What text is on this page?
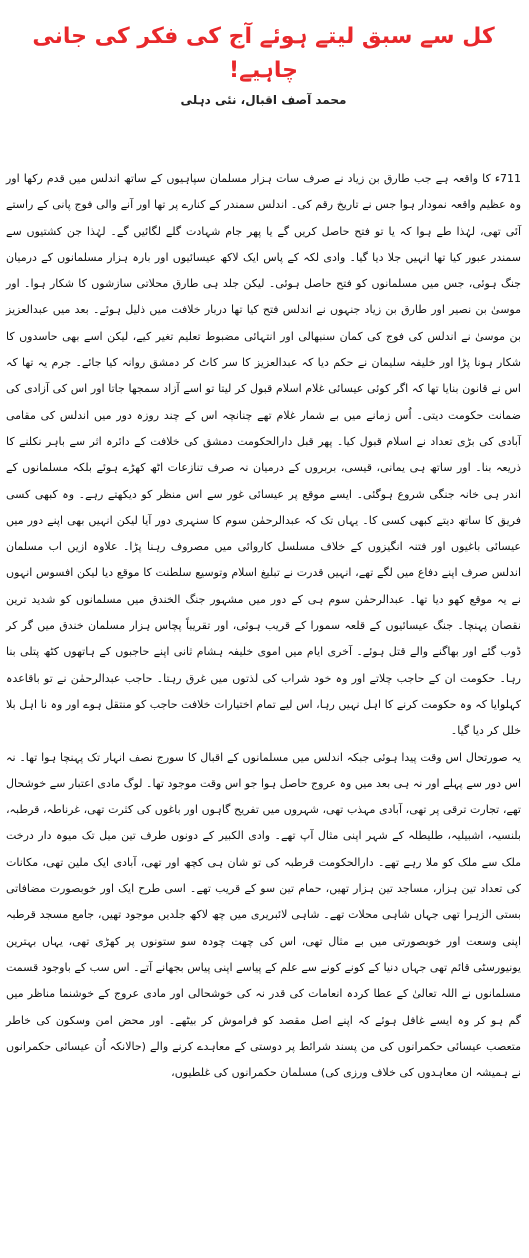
کل سے سبق لیتے ہوئے آج کی فکر کی جانی چاہیے!
محمد آصف اقبال، نئی دہلی

711ء کا واقعہ ہے جب طارق بن زیاد نے صرف سات ہزار مسلمان سپاہیوں کے ساتھ اندلس میں قدم رکھا اور وہ عظیم واقعہ نمودار ہوا جس نے تاریخ رقم کی۔ اندلس سمندر کے کنارے پر تھا اور آنے والی فوج پانی کے راستے آئی تھی، لہٰذا طے ہوا کہ یا تو فتح حاصل کریں گے یا پھر جام شہادت گلے لگائیں گے۔ لہٰذا جن کشتیوں سے سمندر عبور کیا تھا انہیں جلا دیا گیا۔ وادی لکہ کے پاس ایک لاکھ عیسائیوں اور بارہ ہزار مسلمانوں کے درمیان جنگ ہوئی، جس میں مسلمانوں کو فتح حاصل ہوئی۔ لیکن جلد ہی طارق محلاتی سازشوں کا شکار ہوا۔ اور موسیٰ بن نصیر اور طارق بن زیاد جنہوں نے اندلس فتح کیا تھا دربار خلافت میں ذلیل ہوئے۔ بعد میں عبدالعزیز بن موسیٰ نے اندلس کی فوج کی کمان سنبھالی اور انتہائی مضبوط تعلیم تغیر کیے، لیکن اسے بھی حاسدوں کا شکار ہونا پڑا اور خلیفہ سلیمان نے حکم دیا کہ عبدالعزیز کا سر کاٹ کر دمشق روانہ کیا جائے۔ جرم یہ تھا کہ اس نے قانون بنایا تھا کہ اگر کوئی عیسائی غلام اسلام قبول کر لیتا تو اسے آزاد سمجھا جاتا اور اس کی آزادی کی ضمانت حکومت دیتی۔ اُس زمانے میں بے شمار غلام تھے چنانچہ اس کے چند روزہ دور میں اندلس کی مقامی آبادی کی بڑی تعداد نے اسلام قبول کیا۔ پھر قبل دارالحکومت دمشق کی خلافت کے دائرہ اثر سے باہر نکلنے کا ذریعہ بنا۔ اور ساتھ ہی یمانی، قیسی، بربروں کے درمیان نہ صرف تنازعات اٹھ کھڑے ہوئے بلکہ مسلمانوں کے اندر ہی خانہ جنگی شروع ہوگئی۔ ایسے موقع پر عیسائی غور سے اس منظر کو دیکھتے رہے۔ وہ کبھی کسی فریق کا ساتھ دیتے کبھی کسی کا۔ یہاں تک کہ عبدالرحمٰن سوم کا سنہری دور آیا لیکن انہیں بھی اپنے دور میں عیسائی باغیوں اور فتنہ انگیزوں کے خلاف مسلسل کاروائی میں مصروف رہنا پڑا۔ علاوہ ازیں اب مسلمان اندلس صرف اپنے دفاع میں لگے تھے، انہیں قدرت نے تبلیغ اسلام وتوسیع سلطنت کا موقع دیا لیکن افسوس انہوں نے یہ موقع کھو دیا تھا۔ عبدالرحمٰن سوم ہی کے دور میں مشہور جنگ الخندق میں مسلمانوں کو شدید ترین نقصان پہنچا۔ جنگ عیسائیوں کے قلعہ سمورا کے قریب ہوئی، اور تقریباً پچاس ہزار مسلمان خندق میں گر کر ڈوب گئے اور بھاگنے والے قتل ہوئے۔ آخری ایام میں اموی خلیفہ ہشام ثانی اپنے حاجبوں کے ہاتھوں کٹھ پتلی بنا رہا۔ حکومت ان کے حاجب چلاتے اور وہ خود شراب کی لذتوں میں غرق رہتا۔ حاجب عبدالرحمٰن نے تو باقاعدہ کہلوایا کہ وہ حکومت کرنے کا اہل نہیں رہا، اس لیے تمام اختیارات خلافت حاجب کو منتقل ہوے اور وہ نا اہل بلا خلل کر دیا گیا۔

یہ صورتحال اس وقت پیدا ہوئی جبکہ اندلس میں مسلمانوں کے اقبال کا سورج نصف انہار تک پہنچا ہوا تھا۔ نہ اس دور سے پہلے اور نہ ہی بعد میں وہ عروج حاصل ہوا جو اس وقت موجود تھا۔ لوگ مادی اعتبار سے خوشحال تھے، تجارت ترقی پر تھی، آبادی مہذب تھی، شہروں میں تفریح گاہوں اور باغوں کی کثرت تھی، غرناطہ، قرطبہ، بلنسیہ، اشبیلیہ، طلیطلہ کے شہر اپنی مثال آپ تھے۔ وادی الکبیر کے دونوں طرف تین میل تک میوہ دار درخت ملک سے ملک کو ملا رہے تھے۔ دارالحکومت قرطبہ کی تو شان ہی کچھ اور تھی، آبادی ایک ملین تھی، مکانات کی تعداد تین ہزار، مساجد تین ہزار تھیں، حمام تین سو کے قریب تھے۔ اسی طرح ایک اور خوبصورت مضافاتی بستی الزہرا تھی جہاں شاہی محلات تھے۔ شاہی لائبریری میں چھ لاکھ جلدیں موجود تھیں، جامع مسجد قرطبہ اپنی وسعت اور خوبصورتی میں بے مثال تھی، اس کی چھت چودہ سو ستونوں پر کھڑی تھی، یہاں بہترین یونیورسٹی قائم تھی جہاں دنیا کے کونے کونے سے علم کے پیاسے اپنی پیاس بجھانے آتے۔ اس سب کے باوجود قسمت مسلمانوں نے اللہ تعالیٰ کے عطا کردہ انعامات کی قدر نہ کی خوشحالی اور مادی عروج کے خوشنما مناظر میں گم ہو کر وہ ایسے غافل ہوئے کہ اپنے اصل مقصد کو فراموش کر بیٹھے۔ اور محض امن وسکون کی خاطر متعصب عیسائی حکمرانوں کی من پسند شرائط پر دوستی کے معاہدے کرنے والے (حالانکہ اُن عیسائی حکمرانوں نے ہمیشہ ان معاہدوں کی خلاف ورزی کی) مسلمان حکمرانوں کی غلطیوں،
